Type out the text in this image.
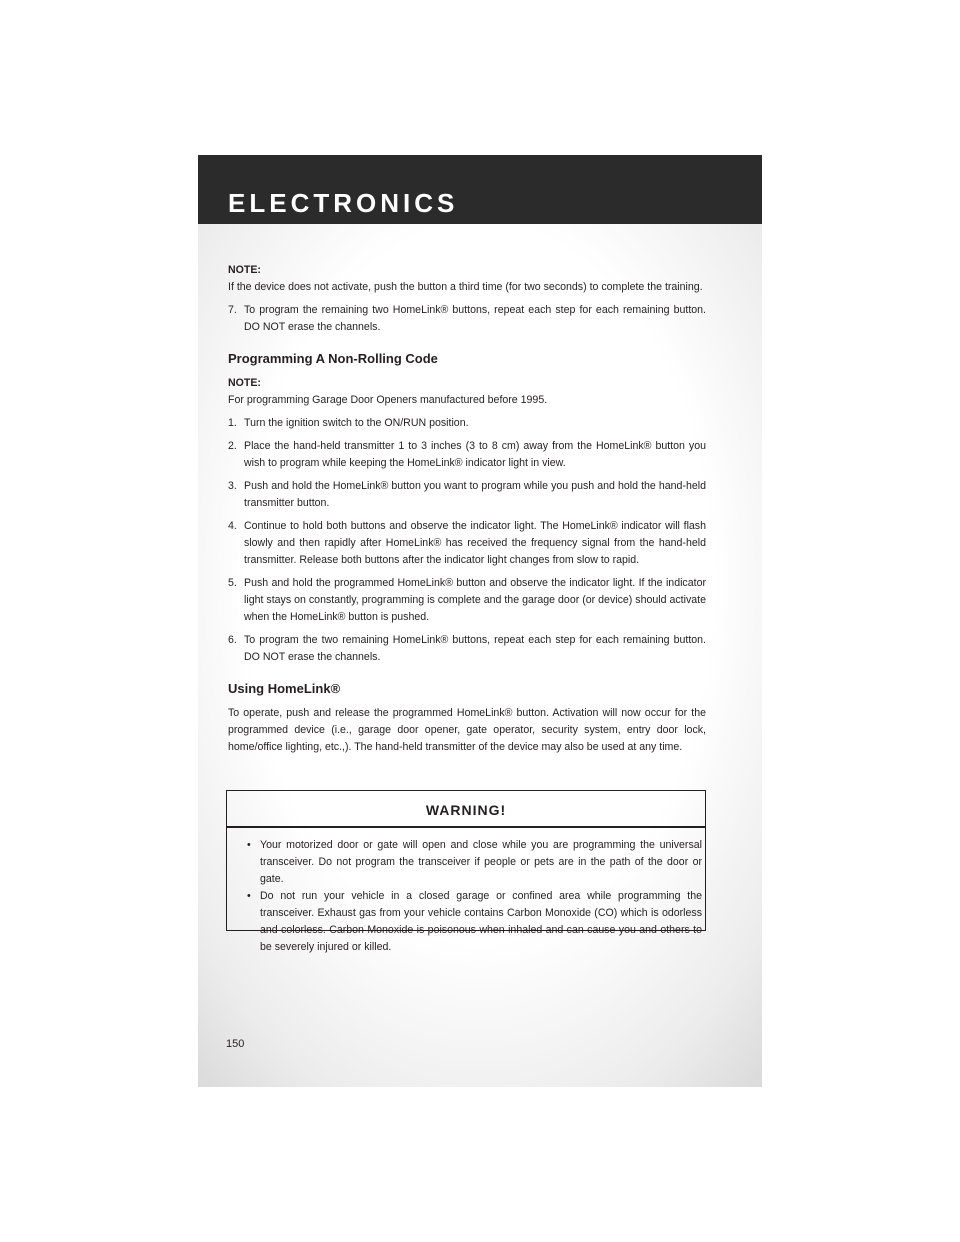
ELECTRONICS

NOTE:

If the device does not activate, push the button a third time (for two seconds) to complete the training.

7. To program the remaining two HomeLink® buttons, repeat each step for each remaining button. DO NOT erase the channels.

Programming A Non-Rolling Code

NOTE:

For programming Garage Door Openers manufactured before 1995.

1. Turn the ignition switch to the ON/RUN position.

2. Place the hand-held transmitter 1 to 3 inches (3 to 8 cm) away from the HomeLink® button you wish to program while keeping the HomeLink® indicator light in view.

3. Push and hold the HomeLink® button you want to program while you push and hold the hand-held transmitter button.

4. Continue to hold both buttons and observe the indicator light. The HomeLink® indicator will flash slowly and then rapidly after HomeLink® has received the frequency signal from the hand-held transmitter. Release both buttons after the indicator light changes from slow to rapid.

5. Push and hold the programmed HomeLink® button and observe the indicator light. If the indicator light stays on constantly, programming is complete and the garage door (or device) should activate when the HomeLink® button is pushed.

6. To program the two remaining HomeLink® buttons, repeat each step for each remaining button. DO NOT erase the channels.

Using HomeLink®

To operate, push and release the programmed HomeLink® button. Activation will now occur for the programmed device (i.e., garage door opener, gate operator, security system, entry door lock, home/office lighting, etc.,). The hand-held transmitter of the device may also be used at any time.

WARNING!
• Your motorized door or gate will open and close while you are programming the universal transceiver. Do not program the transceiver if people or pets are in the path of the door or gate.
• Do not run your vehicle in a closed garage or confined area while programming the transceiver. Exhaust gas from your vehicle contains Carbon Monoxide (CO) which is odorless and colorless. Carbon Monoxide is poisonous when inhaled and can cause you and others to be severely injured or killed.
150
